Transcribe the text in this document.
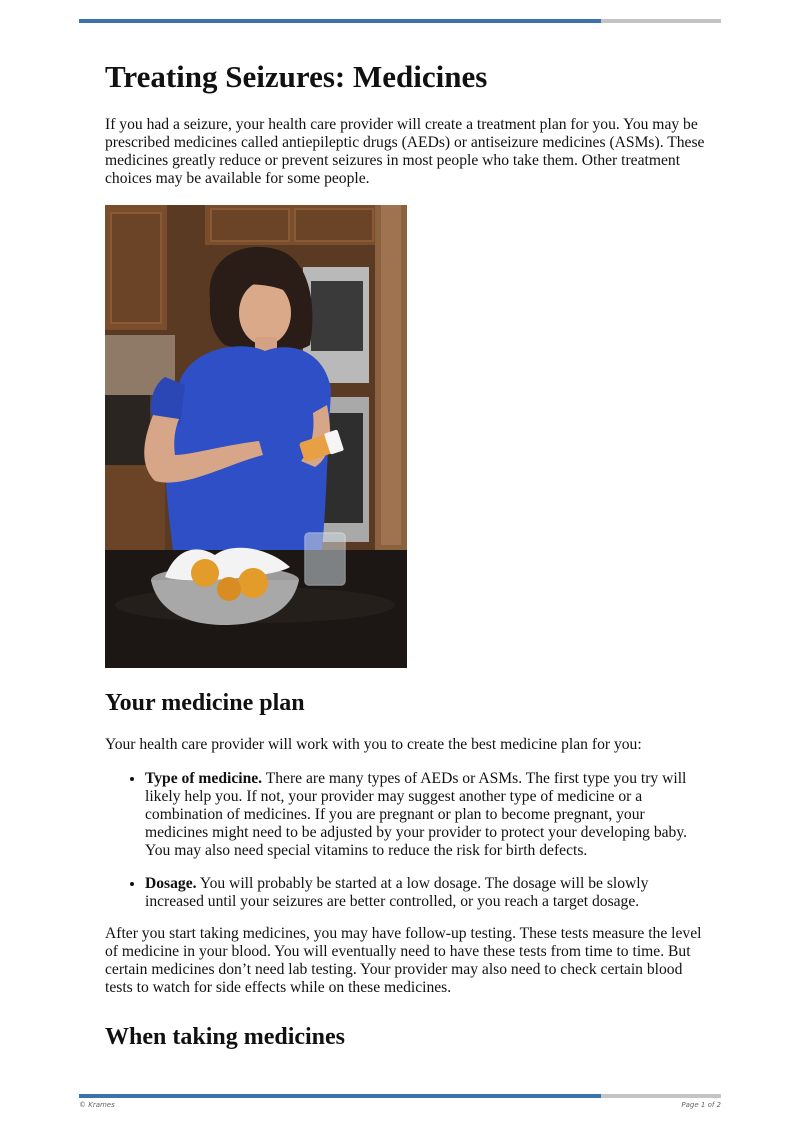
Treating Seizures: Medicines

If you had a seizure, your health care provider will create a treatment plan for you. You may be prescribed medicines called antiepileptic drugs (AEDs) or antiseizure medicines (ASMs). These medicines greatly reduce or prevent seizures in most people who take them. Other treatment choices may be available for some people.

Your medicine plan

Your health care provider will work with you to create the best medicine plan for you:

• Type of medicine. There are many types of AEDs or ASMs. The first type you try will likely help you. If not, your provider may suggest another type of medicine or a combination of medicines. If you are pregnant or plan to become pregnant, your medicines might need to be adjusted by your provider to protect your developing baby. You may also need special vitamins to reduce the risk for birth defects.
• Dosage. You will probably be started at a low dosage. The dosage will be slowly increased until your seizures are better controlled, or you reach a target dosage.

After you start taking medicines, you may have follow-up testing. These tests measure the level of medicine in your blood. You will eventually need to have these tests from time to time. But certain medicines don’t need lab testing. Your provider may also need to check certain blood tests to watch for side effects while on these medicines.

When taking medicines
© Krames	Page 1 of 2
